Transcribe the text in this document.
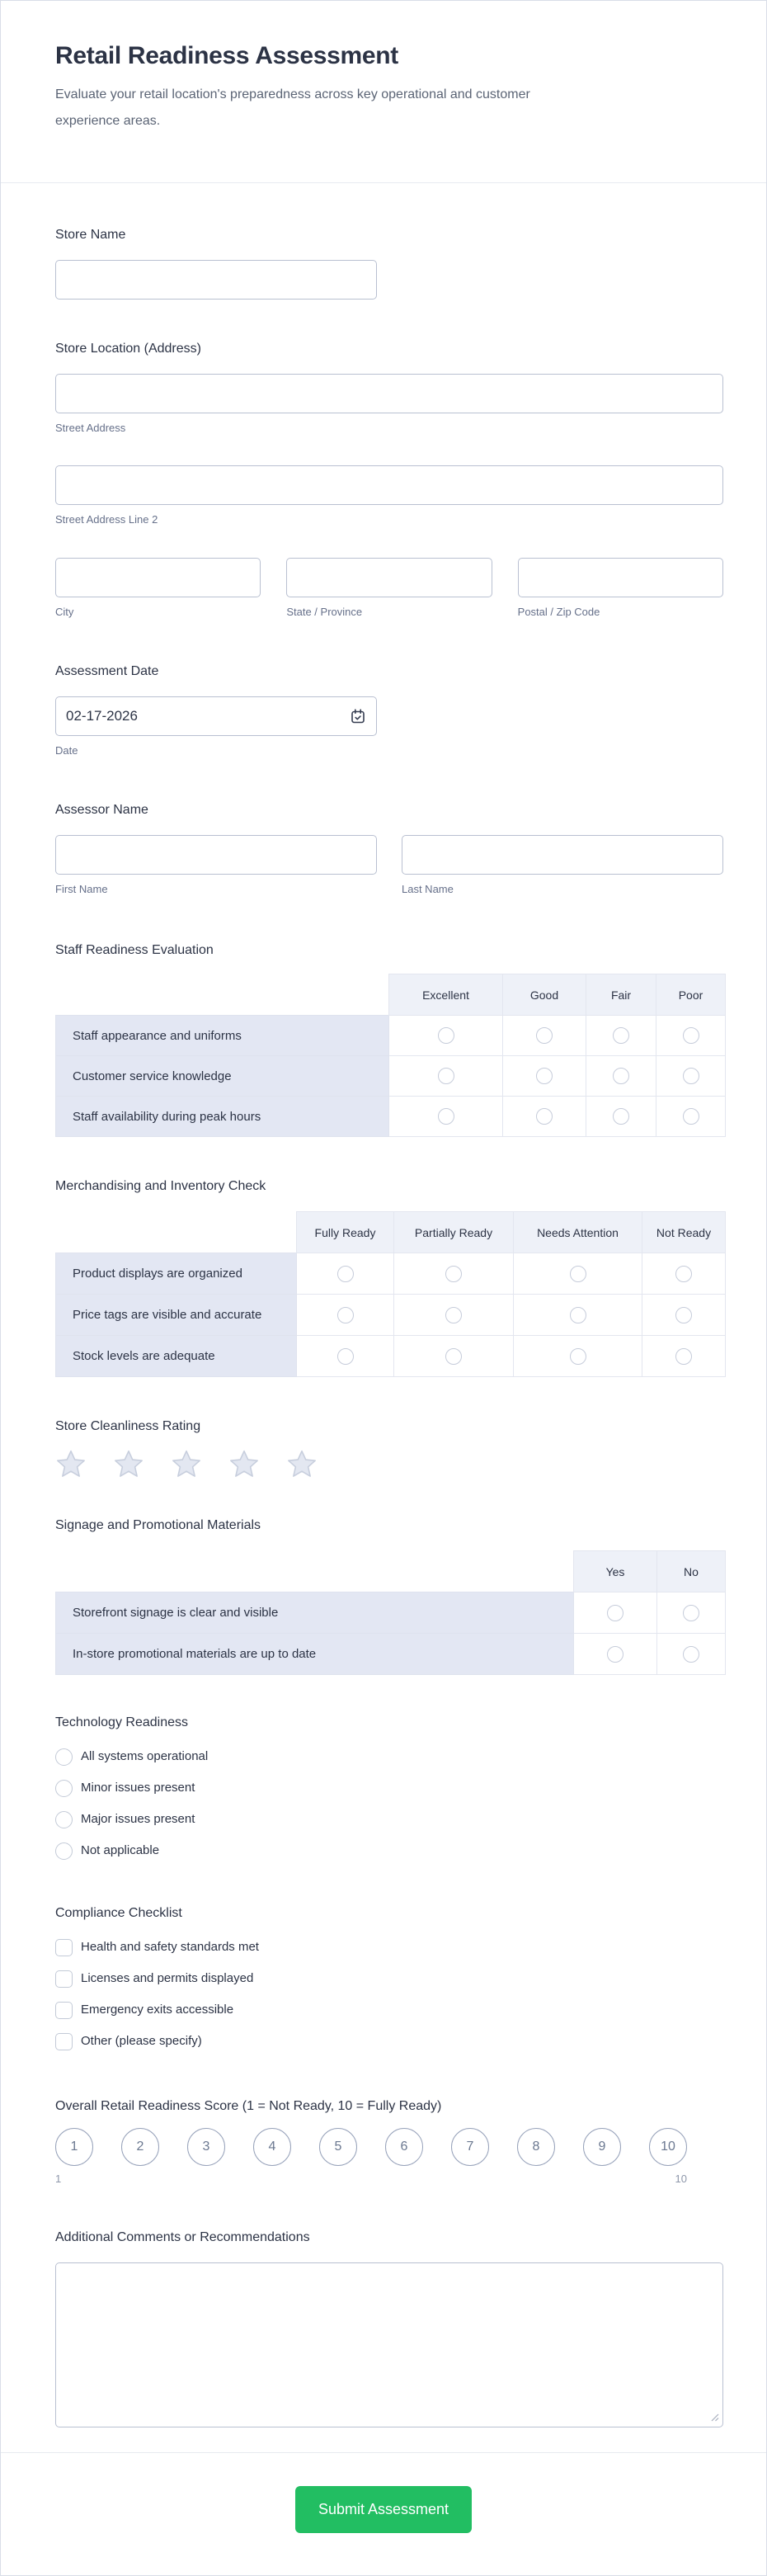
Retail Readiness Assessment

Evaluate your retail location's preparedness across key operational and customer experience areas.

Store Name
Store Location (Address)
Street Address
Street Address Line 2
City	State / Province	Postal / Zip Code
Assessment Date
02-17-2026
Date
Assessor Name
First Name	Last Name
Staff Readiness Evaluation
	Excellent	Good	Fair	Poor
Staff appearance and uniforms				
Customer service knowledge				
Staff availability during peak hours				
Merchandising and Inventory Check
	Fully Ready	Partially Ready	Needs Attention	Not Ready
Product displays are organized				
Price tags are visible and accurate				
Stock levels are adequate				
Store Cleanliness Rating
Signage and Promotional Materials
	Yes	No
Storefront signage is clear and visible		
In-store promotional materials are up to date		
Technology Readiness
All systems operational
Minor issues present
Major issues present
Not applicable
Compliance Checklist
Health and safety standards met
Licenses and permits displayed
Emergency exits accessible
Other (please specify)
Overall Retail Readiness Score (1 = Not Ready, 10 = Fully Ready)
1	2	3	4	5	6	7	8	9	10
1	10
Additional Comments or Recommendations
Submit Assessment
